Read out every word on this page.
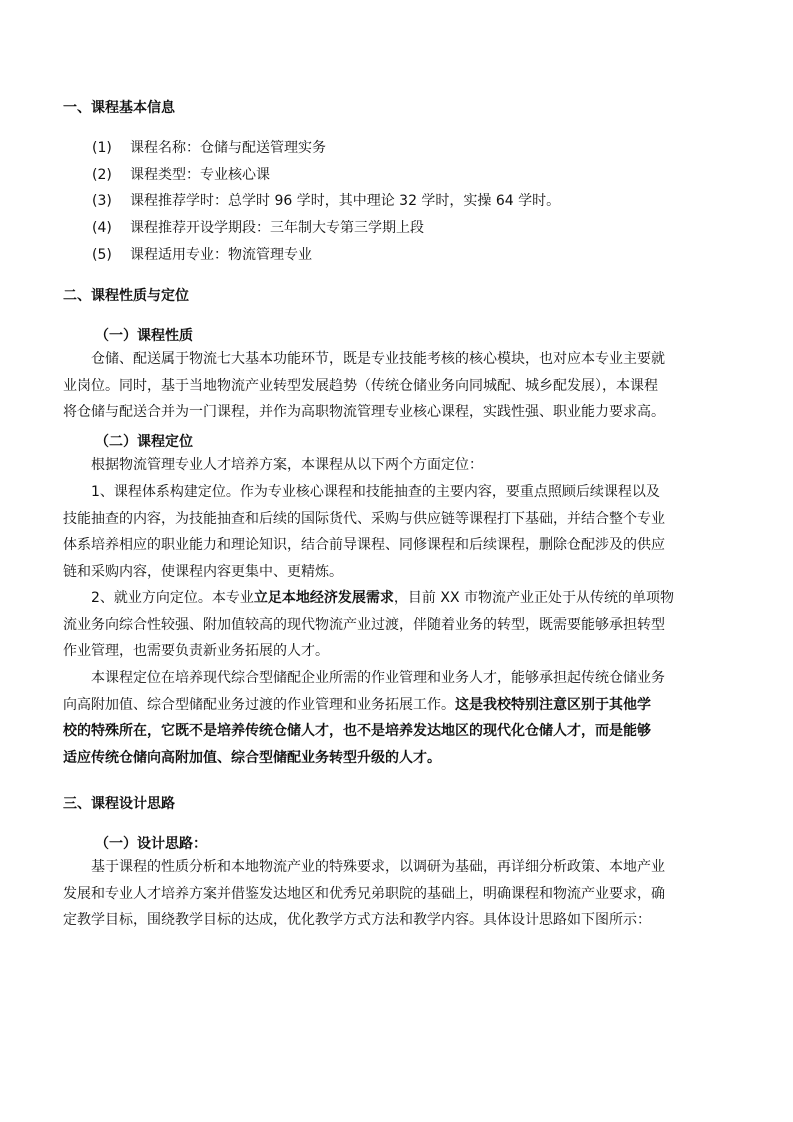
一、课程基本信息

(1) 课程名称：仓储与配送管理实务

(2) 课程类型：专业核心课

(3) 课程推荐学时：总学时 96 学时，其中理论 32 学时，实操 64 学时。

(4) 课程推荐开设学期段：三年制大专第三学期上段

(5) 课程适用专业：物流管理专业

二、课程性质与定位

（一）课程性质

仓储、配送属于物流七大基本功能环节，既是专业技能考核的核心模块，也对应本专业主要就
业岗位。同时，基于当地物流产业转型发展趋势（传统仓储业务向同城配、城乡配发展），本课程
将仓储与配送合并为一门课程，并作为高职物流管理专业核心课程，实践性强、职业能力要求高。

（二）课程定位

根据物流管理专业人才培养方案，本课程从以下两个方面定位：
1、课程体系构建定位。作为专业核心课程和技能抽查的主要内容，要重点照顾后续课程以及
技能抽查的内容，为技能抽查和后续的国际货代、采购与供应链等课程打下基础，并结合整个专业
体系培养相应的职业能力和理论知识，结合前导课程、同修课程和后续课程，删除仓配涉及的供应
链和采购内容，使课程内容更集中、更精炼。
2、就业方向定位。本专业立足本地经济发展需求，目前 XX 市物流产业正处于从传统的单项物
流业务向综合性较强、附加值较高的现代物流产业过渡，伴随着业务的转型，既需要能够承担转型
作业管理，也需要负责新业务拓展的人才。
本课程定位在培养现代综合型储配企业所需的作业管理和业务人才，能够承担起传统仓储业务
向高附加值、综合型储配业务过渡的作业管理和业务拓展工作。这是我校特别注意区别于其他学
校的特殊所在，它既不是培养传统仓储人才，也不是培养发达地区的现代化仓储人才，而是能够
适应传统仓储向高附加值、综合型储配业务转型升级的人才。

三、课程设计思路

（一）设计思路：

基于课程的性质分析和本地物流产业的特殊要求，以调研为基础，再详细分析政策、本地产业
发展和专业人才培养方案并借鉴发达地区和优秀兄弟职院的基础上，明确课程和物流产业要求，确
定教学目标，围绕教学目标的达成，优化教学方式方法和教学内容。具体设计思路如下图所示：
